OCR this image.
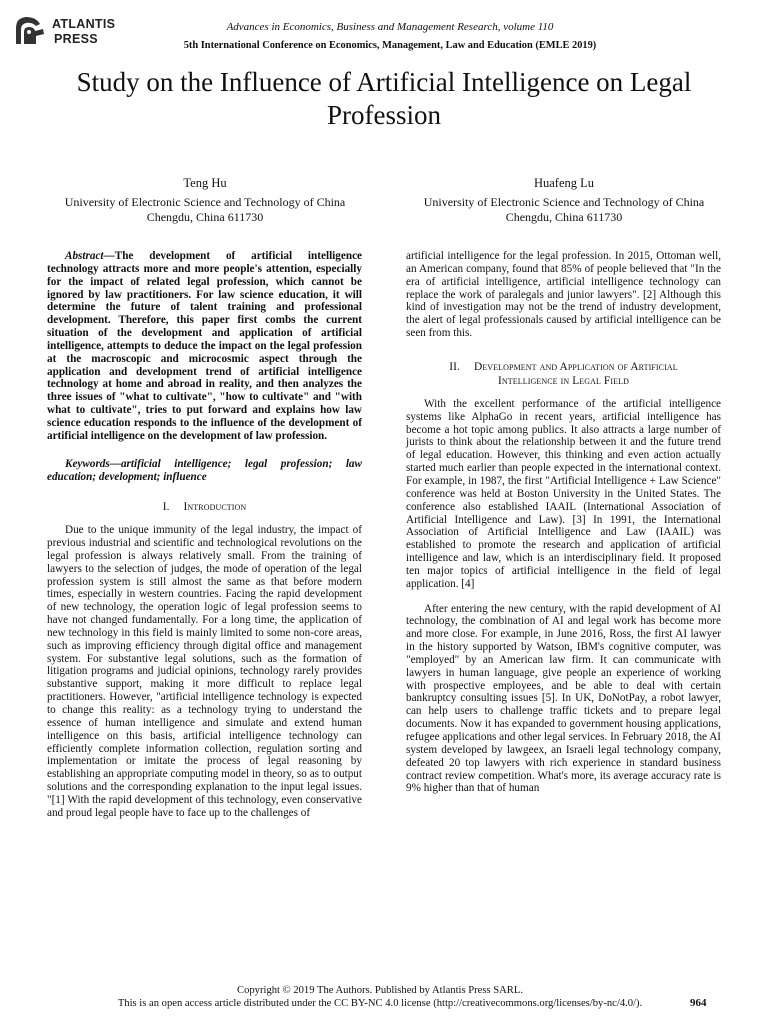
ATLANTIS
PRESS
Advances in Economics, Business and Management Research, volume 110
5th International Conference on Economics, Management, Law and Education (EMLE 2019)
Study on the Influence of Artificial Intelligence on Legal Profession
Teng Hu
University of Electronic Science and Technology of China
Chengdu, China 611730
Huafeng Lu
University of Electronic Science and Technology of China
Chengdu, China 611730

Abstract—The development of artificial intelligence technology attracts more and more people's attention, especially for the impact of related legal profession, which cannot be ignored by law practitioners. For law science education, it will determine the future of talent training and professional development. Therefore, this paper first combs the current situation of the development and application of artificial intelligence, attempts to deduce the impact on the legal profession at the macroscopic and microcosmic aspect through the application and development trend of artificial intelligence technology at home and abroad in reality, and then analyzes the three issues of "what to cultivate", "how to cultivate" and "with what to cultivate", tries to put forward and explains how law science education responds to the influence of the development of artificial intelligence on the development of law profession.

Keywords—artificial intelligence; legal profession; law education; development; influence

I. Introduction

Due to the unique immunity of the legal industry, the impact of previous industrial and scientific and technological revolutions on the legal profession is always relatively small. From the training of lawyers to the selection of judges, the mode of operation of the legal profession system is still almost the same as that before modern times, especially in western countries. Facing the rapid development of new technology, the operation logic of legal profession seems to have not changed fundamentally. For a long time, the application of new technology in this field is mainly limited to some non-core areas, such as improving efficiency through digital office and management system. For substantive legal solutions, such as the formation of litigation programs and judicial opinions, technology rarely provides substantive support, making it more difficult to replace legal practitioners. However, "artificial intelligence technology is expected to change this reality: as a technology trying to understand the essence of human intelligence and simulate and extend human intelligence on this basis, artificial intelligence technology can efficiently complete information collection, regulation sorting and implementation or imitate the process of legal reasoning by establishing an appropriate computing model in theory, so as to output solutions and the corresponding explanation to the input legal issues. "[1] With the rapid development of this technology, even conservative and proud legal people have to face up to the challenges of

artificial intelligence for the legal profession. In 2015, Ottoman well, an American company, found that 85% of people believed that "In the era of artificial intelligence, artificial intelligence technology can replace the work of paralegals and junior lawyers". [2] Although this kind of investigation may not be the trend of industry development, the alert of legal professionals caused by artificial intelligence can be seen from this.

II. Development and Application of Artificial
Intelligence in Legal Field

With the excellent performance of the artificial intelligence systems like AlphaGo in recent years, artificial intelligence has become a hot topic among publics. It also attracts a large number of jurists to think about the relationship between it and the future trend of legal education. However, this thinking and even action actually started much earlier than people expected in the international context. For example, in 1987, the first "Artificial Intelligence + Law Science" conference was held at Boston University in the United States. The conference also established IAAIL (International Association of Artificial Intelligence and Law). [3] In 1991, the International Association of Artificial Intelligence and Law (IAAIL) was established to promote the research and application of artificial intelligence and law, which is an interdisciplinary field. It proposed ten major topics of artificial intelligence in the field of legal application. [4]

After entering the new century, with the rapid development of AI technology, the combination of AI and legal work has become more and more close. For example, in June 2016, Ross, the first AI lawyer in the history supported by Watson, IBM's cognitive computer, was "employed" by an American law firm. It can communicate with lawyers in human language, give people an experience of working with prospective employees, and be able to deal with certain bankruptcy consulting issues [5]. In UK, DoNotPay, a robot lawyer, can help users to challenge traffic tickets and to prepare legal documents. Now it has expanded to government housing applications, refugee applications and other legal services. In February 2018, the AI system developed by lawgeex, an Israeli legal technology company, defeated 20 top lawyers with rich experience in standard business contract review competition. What's more, its average accuracy rate is 9% higher than that of human

Copyright © 2019 The Authors. Published by Atlantis Press SARL.
This is an open access article distributed under the CC BY-NC 4.0 license (http://creativecommons.org/licenses/by-nc/4.0/).	964
